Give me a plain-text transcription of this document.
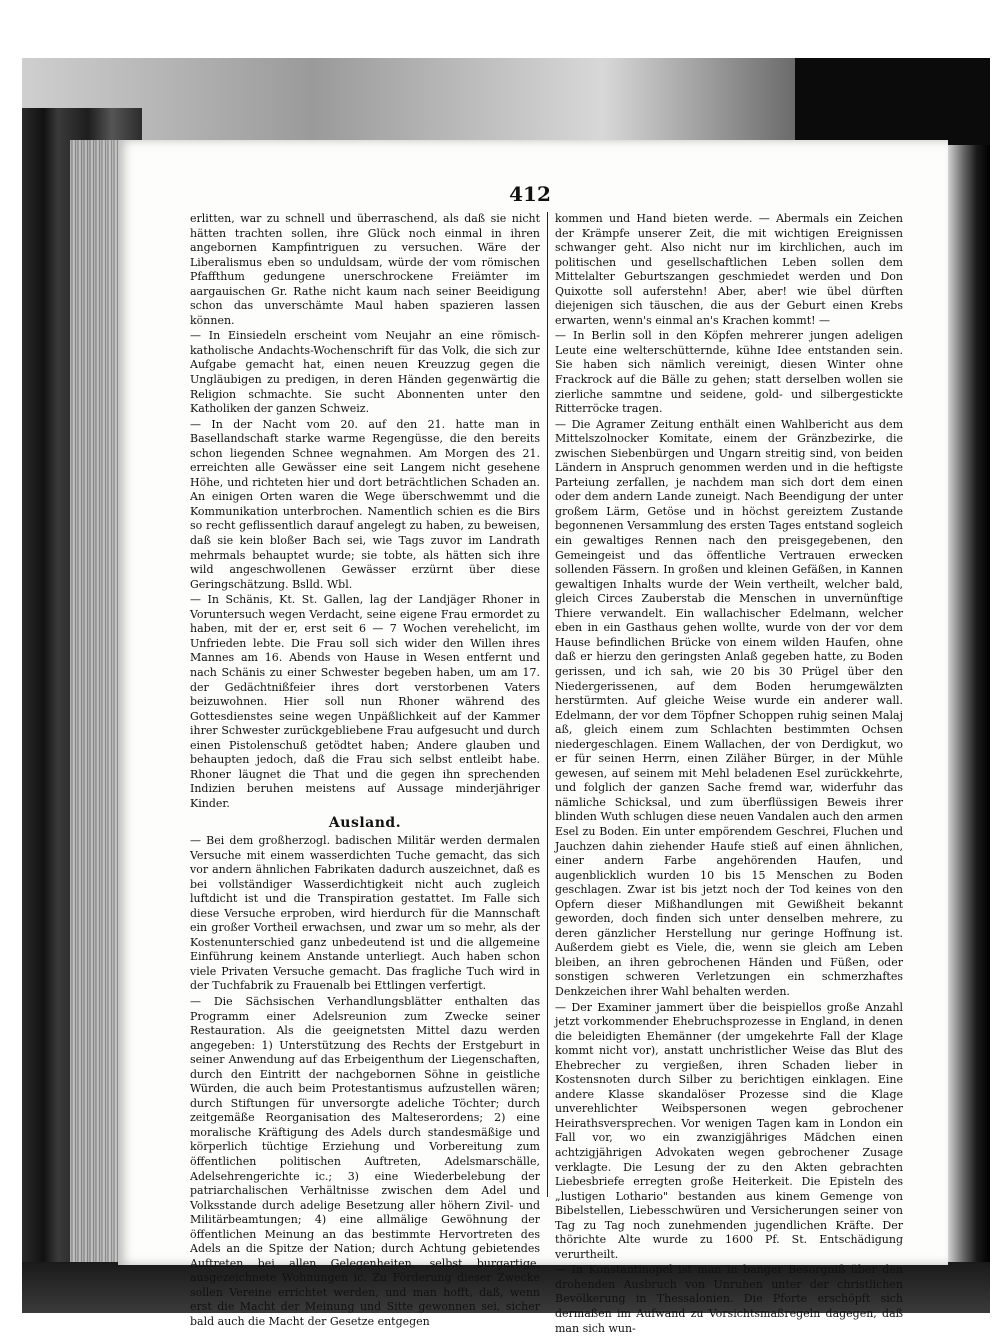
412

erlitten, war zu schnell und überraschend, als daß sie nicht hätten trachten sollen, ihre Glück noch einmal in ihren angebornen Kampfintriguen zu versuchen. Wäre der Liberalismus eben so unduldsam, würde der vom römischen Pfaffthum gedungene unerschrockene Freiämter im aargauischen Gr. Rathe nicht kaum nach seiner Beeidigung schon das unverschämte Maul haben spazieren lassen können.

— In Einsiedeln erscheint vom Neujahr an eine römisch-katholische Andachts-Wochenschrift für das Volk, die sich zur Aufgabe gemacht hat, einen neuen Kreuzzug gegen die Ungläubigen zu predigen, in deren Händen gegenwärtig die Religion schmachte. Sie sucht Abonnenten unter den Katholiken der ganzen Schweiz.

— In der Nacht vom 20. auf den 21. hatte man in Basellandschaft starke warme Regengüsse, die den bereits schon liegenden Schnee wegnahmen. Am Morgen des 21. erreichten alle Gewässer eine seit Langem nicht gesehene Höhe, und richteten hier und dort beträchtlichen Schaden an. An einigen Orten waren die Wege überschwemmt und die Kommunikation unterbrochen. Namentlich schien es die Birs so recht geflissentlich darauf angelegt zu haben, zu beweisen, daß sie kein bloßer Bach sei, wie Tags zuvor im Landrath mehrmals behauptet wurde; sie tobte, als hätten sich ihre wild angeschwollenen Gewässer erzürnt über diese Geringschätzung. Bslld. Wbl.

— In Schänis, Kt. St. Gallen, lag der Landjäger Rhoner in Voruntersuch wegen Verdacht, seine eigene Frau ermordet zu haben, mit der er, erst seit 6 — 7 Wochen verehelicht, im Unfrieden lebte. Die Frau soll sich wider den Willen ihres Mannes am 16. Abends von Hause in Wesen entfernt und nach Schänis zu einer Schwester begeben haben, um am 17. der Gedächtnißfeier ihres dort verstorbenen Vaters beizuwohnen. Hier soll nun Rhoner während des Gottesdienstes seine wegen Unpäßlichkeit auf der Kammer ihrer Schwester zurückgebliebene Frau aufgesucht und durch einen Pistolenschuß getödtet haben; Andere glauben und behaupten jedoch, daß die Frau sich selbst entleibt habe. Rhoner läugnet die That und die gegen ihn sprechenden Indizien beruhen meistens auf Aussage minderjähriger Kinder.

Ausland.

— Bei dem großherzogl. badischen Militär werden dermalen Versuche mit einem wasserdichten Tuche gemacht, das sich vor andern ähnlichen Fabrikaten dadurch auszeichnet, daß es bei vollständiger Wasserdichtigkeit nicht auch zugleich luftdicht ist und die Transpiration gestattet. Im Falle sich diese Versuche erproben, wird hierdurch für die Mannschaft ein großer Vortheil erwachsen, und zwar um so mehr, als der Kostenunterschied ganz unbedeutend ist und die allgemeine Einführung keinem Anstande unterliegt. Auch haben schon viele Privaten Versuche gemacht. Das fragliche Tuch wird in der Tuchfabrik zu Frauenalb bei Ettlingen verfertigt.

— Die Sächsischen Verhandlungsblätter enthalten das Programm einer Adelsreunion zum Zwecke seiner Restauration. Als die geeignetsten Mittel dazu werden angegeben: 1) Unterstützung des Rechts der Erstgeburt in seiner Anwendung auf das Erbeigenthum der Liegenschaften, durch den Eintritt der nachgebornen Söhne in geistliche Würden, die auch beim Protestantismus aufzustellen wären; durch Stiftungen für unversorgte adeliche Töchter; durch zeitgemäße Reorganisation des Malteserordens; 2) eine moralische Kräftigung des Adels durch standesmäßige und körperlich tüchtige Erziehung und Vorbereitung zum öffentlichen politischen Auftreten, Adelsmarschälle, Adelsehrengerichte ic.; 3) eine Wiederbelebung der patriarchalischen Verhältnisse zwischen dem Adel und Volksstande durch adelige Besetzung aller höhern Zivil- und Militärbeamtungen; 4) eine allmälige Gewöhnung der öffentlichen Meinung an das bestimmte Hervortreten des Adels an die Spitze der Nation; durch Achtung gebietendes Auftreten bei allen Gelegenheiten, selbst burgartige, ausgezeichnete Wohnungen ic. Zu Förderung dieser Zwecke sollen Vereine errichtet werden, und man hofft, daß, wenn erst die Macht der Meinung und Sitte gewonnen sei, sicher bald auch die Macht der Gesetze entgegen

kommen und Hand bieten werde. — Abermals ein Zeichen der Krämpfe unserer Zeit, die mit wichtigen Ereignissen schwanger geht. Also nicht nur im kirchlichen, auch im politischen und gesellschaftlichen Leben sollen dem Mittelalter Geburtszangen geschmiedet werden und Don Quixotte soll auferstehn! Aber, aber! wie übel dürften diejenigen sich täuschen, die aus der Geburt einen Krebs erwarten, wenn's einmal an's Krachen kommt! —

— In Berlin soll in den Köpfen mehrerer jungen adeligen Leute eine welterschütternde, kühne Idee entstanden sein. Sie haben sich nämlich vereinigt, diesen Winter ohne Frackrock auf die Bälle zu gehen; statt derselben wollen sie zierliche sammtne und seidene, gold- und silbergestickte Ritterröcke tragen.

— Die Agramer Zeitung enthält einen Wahlbericht aus dem Mittelszolnocker Komitate, einem der Gränzbezirke, die zwischen Siebenbürgen und Ungarn streitig sind, von beiden Ländern in Anspruch genommen werden und in die heftigste Parteiung zerfallen, je nachdem man sich dort dem einen oder dem andern Lande zuneigt. Nach Beendigung der unter großem Lärm, Getöse und in höchst gereiztem Zustande begonnenen Versammlung des ersten Tages entstand sogleich ein gewaltiges Rennen nach den preisgegebenen, den Gemeingeist und das öffentliche Vertrauen erwecken sollenden Fässern. In großen und kleinen Gefäßen, in Kannen gewaltigen Inhalts wurde der Wein vertheilt, welcher bald, gleich Circes Zauberstab die Menschen in unvernünftige Thiere verwandelt. Ein wallachischer Edelmann, welcher eben in ein Gasthaus gehen wollte, wurde von der vor dem Hause befindlichen Brücke von einem wilden Haufen, ohne daß er hierzu den geringsten Anlaß gegeben hatte, zu Boden gerissen, und ich sah, wie 20 bis 30 Prügel über den Niedergerissenen, auf dem Boden herumgewälzten herstürmten. Auf gleiche Weise wurde ein anderer wall. Edelmann, der vor dem Töpfner Schoppen ruhig seinen Malaj aß, gleich einem zum Schlachten bestimmten Ochsen niedergeschlagen. Einem Wallachen, der von Derdigkut, wo er für seinen Herrn, einen Ziläher Bürger, in der Mühle gewesen, auf seinem mit Mehl beladenen Esel zurückkehrte, und folglich der ganzen Sache fremd war, widerfuhr das nämliche Schicksal, und zum überflüssigen Beweis ihrer blinden Wuth schlugen diese neuen Vandalen auch den armen Esel zu Boden. Ein unter empörendem Geschrei, Fluchen und Jauchzen dahin ziehender Haufe stieß auf einen ähnlichen, einer andern Farbe angehörenden Haufen, und augenblicklich wurden 10 bis 15 Menschen zu Boden geschlagen. Zwar ist bis jetzt noch der Tod keines von den Opfern dieser Mißhandlungen mit Gewißheit bekannt geworden, doch finden sich unter denselben mehrere, zu deren gänzlicher Herstellung nur geringe Hoffnung ist. Außerdem giebt es Viele, die, wenn sie gleich am Leben bleiben, an ihren gebrochenen Händen und Füßen, oder sonstigen schweren Verletzungen ein schmerzhaftes Denkzeichen ihrer Wahl behalten werden.

— Der Examiner jammert über die beispiellos große Anzahl jetzt vorkommender Ehebruchsprozesse in England, in denen die beleidigten Ehemänner (der umgekehrte Fall der Klage kommt nicht vor), anstatt unchristlicher Weise das Blut des Ehebrecher zu vergießen, ihren Schaden lieber in Kostensnoten durch Silber zu berichtigen einklagen. Eine andere Klasse skandalöser Prozesse sind die Klage unverehlichter Weibspersonen wegen gebrochener Heirathsversprechen. Vor wenigen Tagen kam in London ein Fall vor, wo ein zwanzigjähriges Mädchen einen achtzigjährigen Advokaten wegen gebrochener Zusage verklagte. Die Lesung der zu den Akten gebrachten Liebesbriefe erregten große Heiterkeit. Die Episteln des „lustigen Lothario" bestanden aus kinem Gemenge von Bibelstellen, Liebesschwüren und Versicherungen seiner von Tag zu Tag noch zunehmenden jugendlichen Kräfte. Der thörichte Alte wurde zu 1600 Pf. St. Entschädigung verurtheilt.

— In Konstantinopel ist man in banger Besorgniß über den drohenden Ausbruch von Unruhen unter der christlichen Bevölkerung in Thessalonien. Die Pforte erschöpft sich dermaßen im Aufwand zu Vorsichtsmaßregeln dagegen, daß man sich wun-
